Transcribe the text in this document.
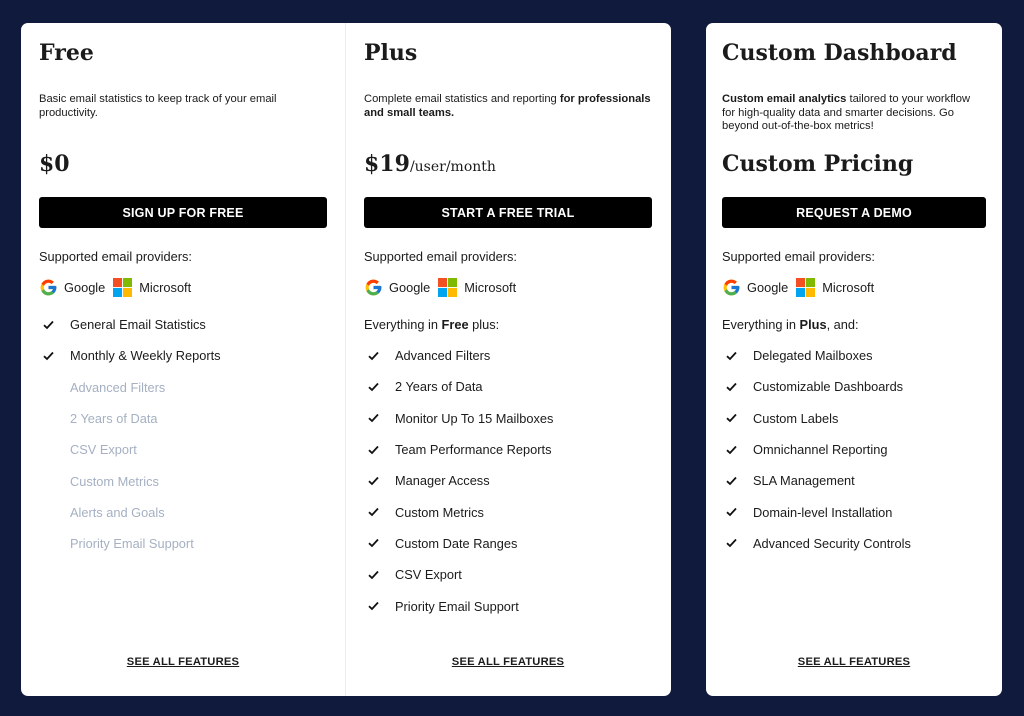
Free
Basic email statistics to keep track of your email productivity.
$0
SIGN UP FOR FREE
Supported email providers:
Google	Microsoft
General Email Statistics
Monthly & Weekly Reports
Advanced Filters
2 Years of Data
CSV Export
Custom Metrics
Alerts and Goals
Priority Email Support
SEE ALL FEATURES
Plus
Complete email statistics and reporting for professionals and small teams.
$19/user/month
START A FREE TRIAL
Supported email providers:
Google	Microsoft
Everything in Free plus:
Advanced Filters
2 Years of Data
Monitor Up To 15 Mailboxes
Team Performance Reports
Manager Access
Custom Metrics
Custom Date Ranges
CSV Export
Priority Email Support
SEE ALL FEATURES
Custom Dashboard
Custom email analytics tailored to your workflow for high-quality data and smarter decisions. Go beyond out-of-the-box metrics!
Custom Pricing
REQUEST A DEMO
Supported email providers:
Google	Microsoft
Everything in Plus, and:
Delegated Mailboxes
Customizable Dashboards
Custom Labels
Omnichannel Reporting
SLA Management
Domain-level Installation
Advanced Security Controls
SEE ALL FEATURES
